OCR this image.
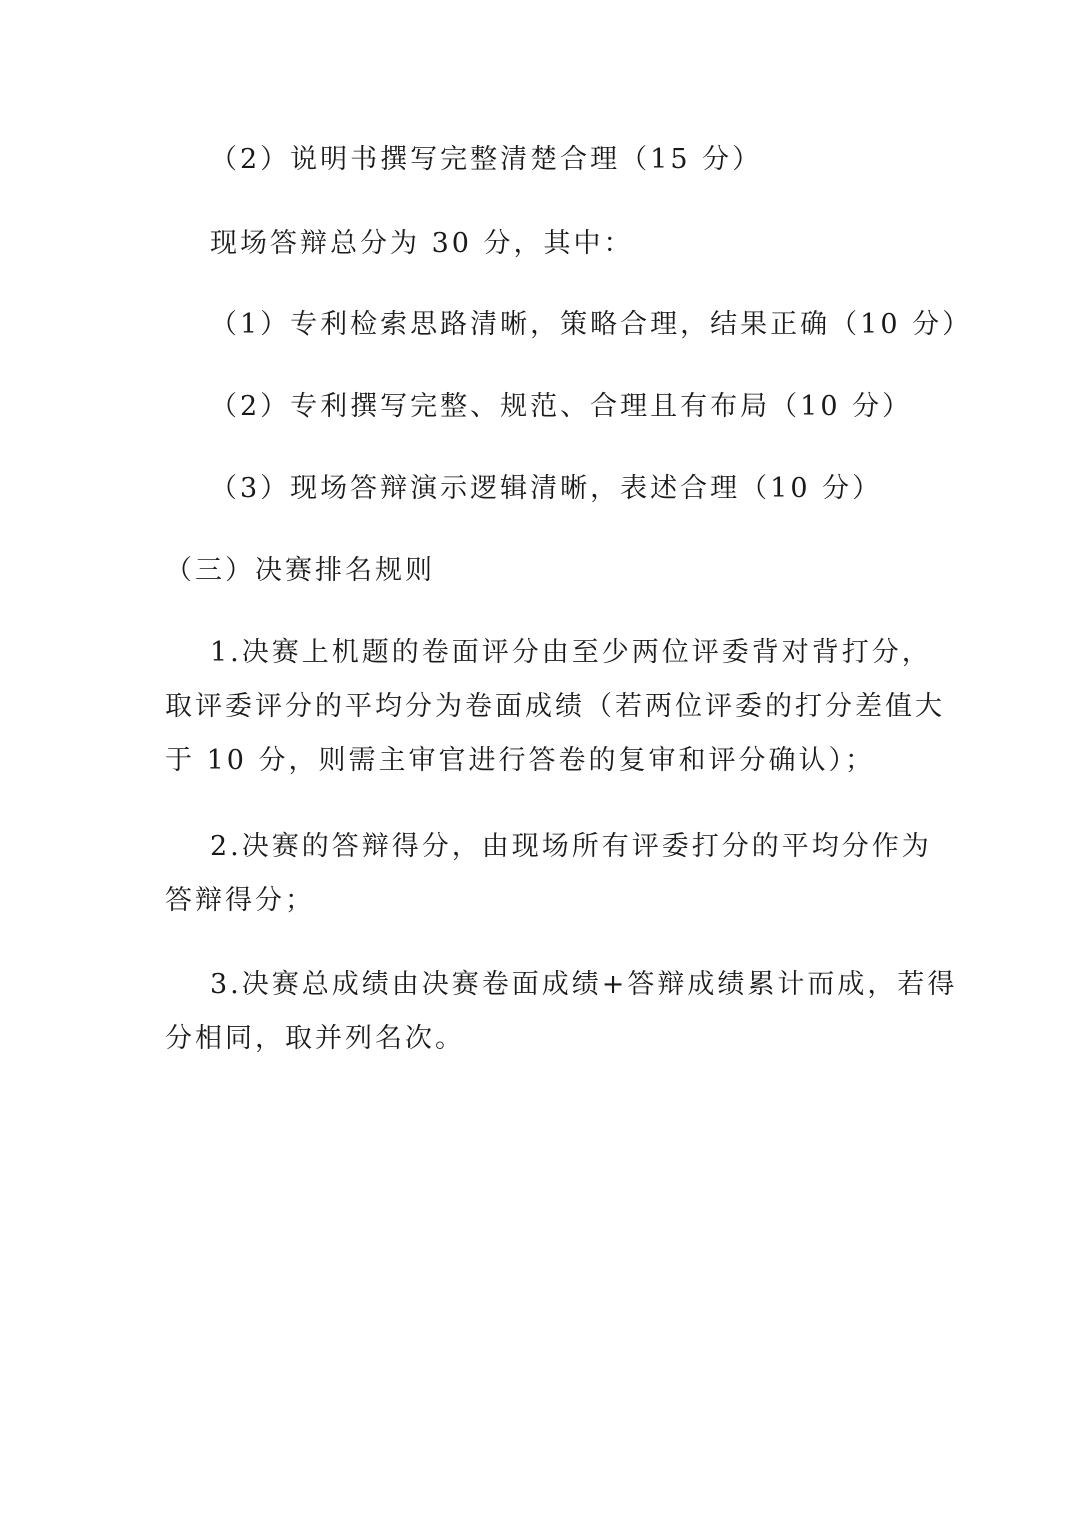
（2）说明书撰写完整清楚合理（15 分）
现场答辩总分为 30 分，其中：
（1）专利检索思路清晰，策略合理，结果正确（10 分）
（2）专利撰写完整、规范、合理且有布局（10 分）
（3）现场答辩演示逻辑清晰，表述合理（10 分）
（三）决赛排名规则
1.决赛上机题的卷面评分由至少两位评委背对背打分，
取评委评分的平均分为卷面成绩（若两位评委的打分差值大
于 10 分，则需主审官进行答卷的复审和评分确认）；
2.决赛的答辩得分，由现场所有评委打分的平均分作为
答辩得分；
3.决赛总成绩由决赛卷面成绩+答辩成绩累计而成，若得
分相同，取并列名次。
